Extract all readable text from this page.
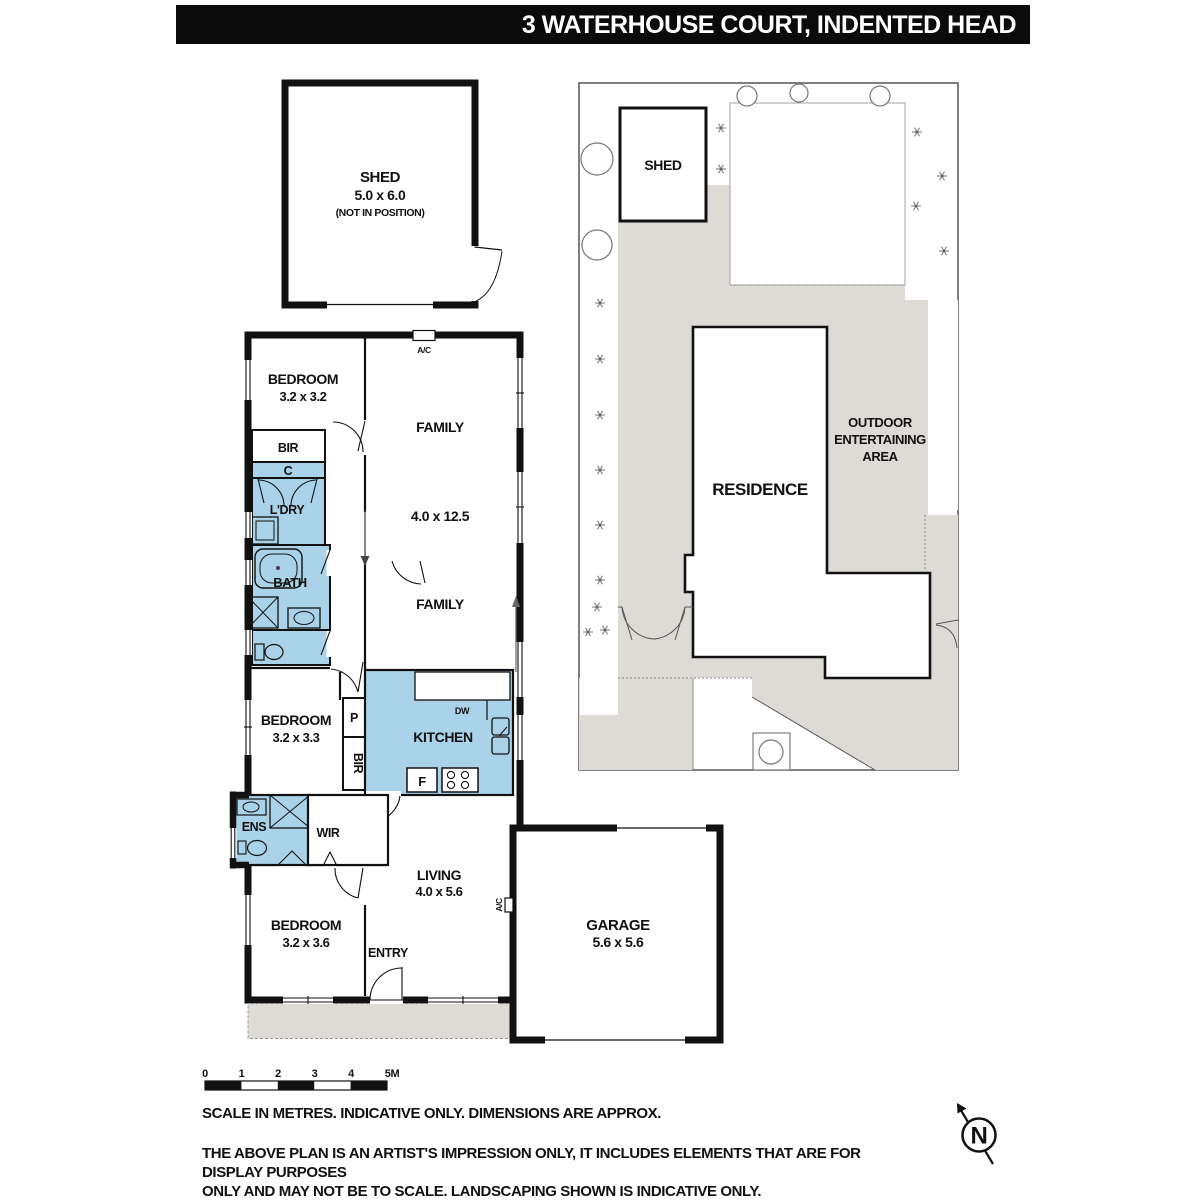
3 WATERHOUSE COURT, INDENTED HEAD
SHED
5.0 x 6.0
(NOT IN POSITION)
A/C
A/C
BEDROOM
3.2 x 3.2
FAMILY
4.0 x 12.5
FAMILY
BIR
C
L'DRY
BATH
BEDROOM
3.2 x 3.3
P
BIR
KITCHEN
DW
F
ENS	WIR
BEDROOM
3.2 x 3.6
ENTRY
LIVING
4.0 x 5.6
GARAGE
5.6 x 5.6
SHED
RESIDENCE
OUTDOOR
ENTERTAINING
AREA
0	1	2	3	4	5M
SCALE IN METRES. INDICATIVE ONLY. DIMENSIONS ARE APPROX.
THE ABOVE PLAN IS AN ARTIST'S IMPRESSION ONLY, IT INCLUDES ELEMENTS THAT ARE FOR DISPLAY PURPOSES
ONLY AND MAY NOT BE TO SCALE. LANDSCAPING SHOWN IS INDICATIVE ONLY.
N
